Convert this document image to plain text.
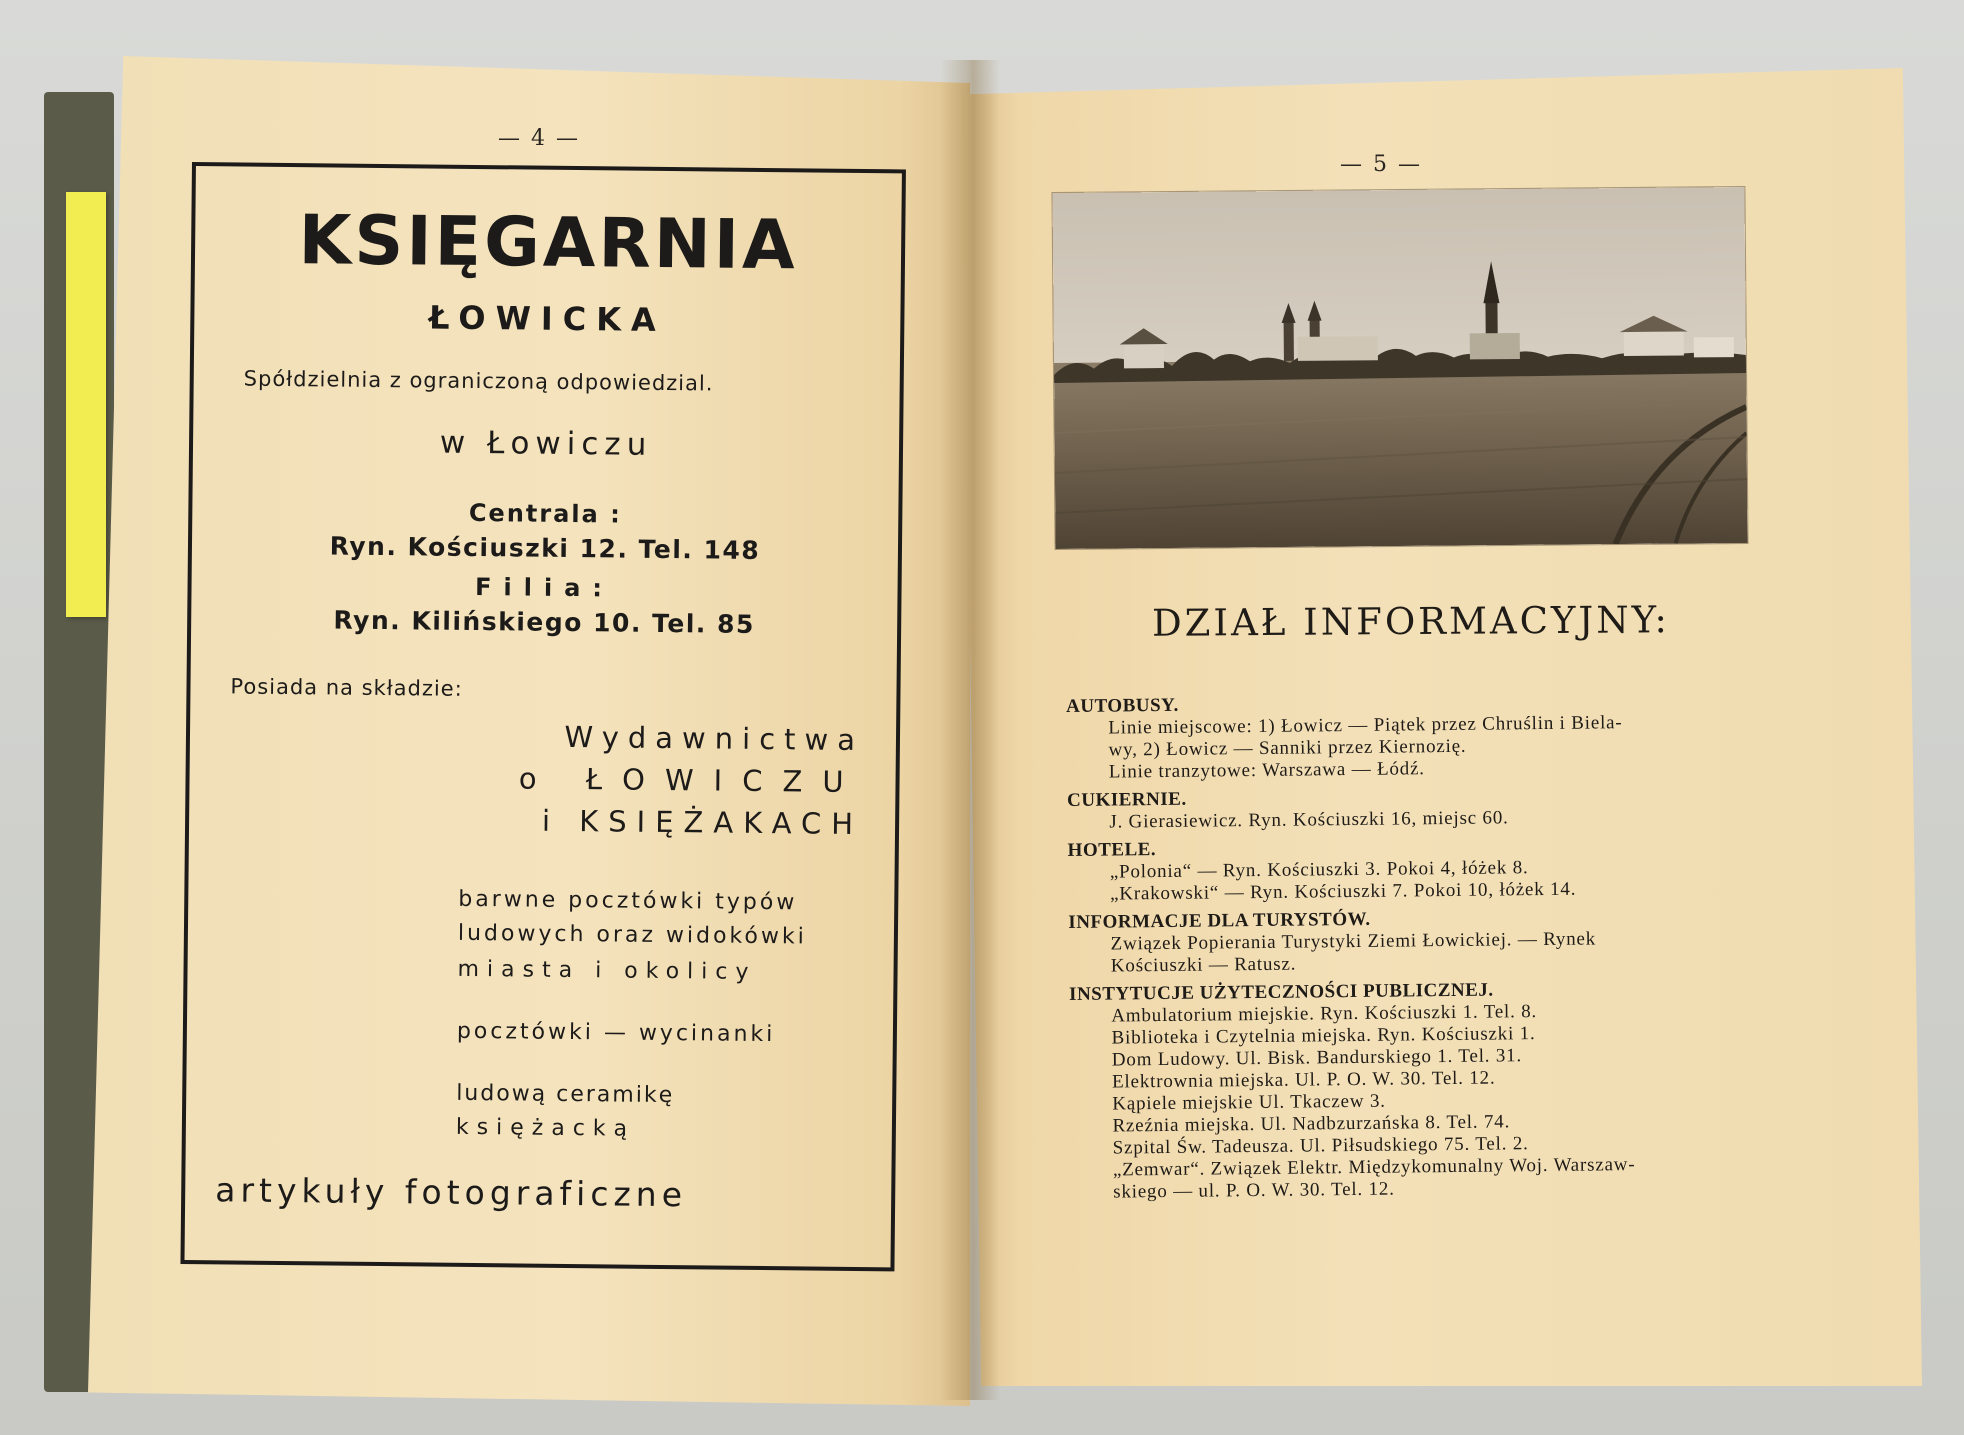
— 4 —
KSIĘGARNIA
ŁOWICKA

Spółdzielnia z ograniczoną odpowiedzial.

w Łowiczu

Centrala :

Ryn. Kościuszki 12. Tel. 148

Filia:

Ryn. Kilińskiego 10. Tel. 85

Posiada na składzie:

Wydawnictwa

o ŁOWICZU

i KSIĘŻAKACH

barwne pocztówki typów

ludowych oraz widokówki

miasta i okolicy

pocztówki — wycinanki

ludową ceramikę

księżacką

artykuły fotograficzne

— 5 —
DZIAŁ INFORMACYJNY:
AUTOBUSY.
Linie miejscowe: 1) Łowicz — Piątek przez Chruślin i Biela-
wy, 2) Łowicz — Sanniki przez Kiernozię.
Linie tranzytowe: Warszawa — Łódź.
CUKIERNIE.
J. Gierasiewicz. Ryn. Kościuszki 16, miejsc 60.
HOTELE.
„Polonia“ — Ryn. Kościuszki 3. Pokoi 4, łóżek 8.
„Krakowski“ — Ryn. Kościuszki 7. Pokoi 10, łóżek 14.
INFORMACJE DLA TURYSTÓW.
Związek Popierania Turystyki Ziemi Łowickiej. — Rynek
Kościuszki — Ratusz.
INSTYTUCJE UŻYTECZNOŚCI PUBLICZNEJ.
Ambulatorium miejskie. Ryn. Kościuszki 1. Tel. 8.
Biblioteka i Czytelnia miejska. Ryn. Kościuszki 1.
Dom Ludowy. Ul. Bisk. Bandurskiego 1. Tel. 31.
Elektrownia miejska. Ul. P. O. W. 30. Tel. 12.
Kąpiele miejskie Ul. Tkaczew 3.
Rzeźnia miejska. Ul. Nadbzurzańska 8. Tel. 74.
Szpital Św. Tadeusza. Ul. Piłsudskiego 75. Tel. 2.
„Zemwar“. Związek Elektr. Międzykomunalny Woj. Warszaw-
skiego — ul. P. O. W. 30. Tel. 12.
